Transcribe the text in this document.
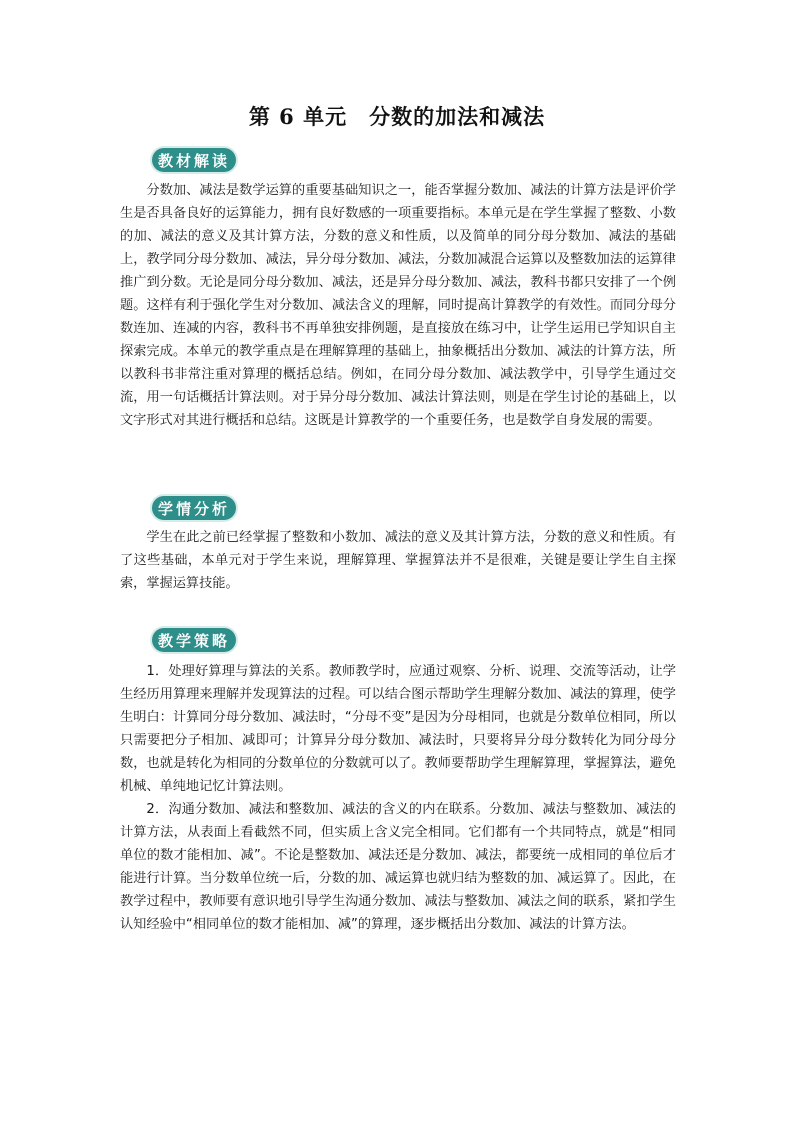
第 6 单元　分数的加法和减法
教材解读

分数加、减法是数学运算的重要基础知识之一，能否掌握分数加、减法的计算方法是评价学生是否具备良好的运算能力，拥有良好数感的一项重要指标。本单元是在学生掌握了整数、小数的加、减法的意义及其计算方法，分数的意义和性质，以及简单的同分母分数加、减法的基础上，教学同分母分数加、减法，异分母分数加、减法，分数加减混合运算以及整数加法的运算律推广到分数。无论是同分母分数加、减法，还是异分母分数加、减法，教科书都只安排了一个例题。这样有利于强化学生对分数加、减法含义的理解，同时提高计算教学的有效性。而同分母分数连加、连减的内容，教科书不再单独安排例题，是直接放在练习中，让学生运用已学知识自主探索完成。本单元的教学重点是在理解算理的基础上，抽象概括出分数加、减法的计算方法，所以教科书非常注重对算理的概括总结。例如，在同分母分数加、减法教学中，引导学生通过交流，用一句话概括计算法则。对于异分母分数加、减法计算法则，则是在学生讨论的基础上，以文字形式对其进行概括和总结。这既是计算教学的一个重要任务，也是数学自身发展的需要。

学情分析

学生在此之前已经掌握了整数和小数加、减法的意义及其计算方法，分数的意义和性质。有了这些基础，本单元对于学生来说，理解算理、掌握算法并不是很难，关键是要让学生自主探索，掌握运算技能。

教学策略

1．处理好算理与算法的关系。教师教学时，应通过观察、分析、说理、交流等活动，让学生经历用算理来理解并发现算法的过程。可以结合图示帮助学生理解分数加、减法的算理，使学生明白：计算同分母分数加、减法时，“分母不变”是因为分母相同，也就是分数单位相同，所以只需要把分子相加、减即可；计算异分母分数加、减法时，只要将异分母分数转化为同分母分数，也就是转化为相同的分数单位的分数就可以了。教师要帮助学生理解算理，掌握算法，避免机械、单纯地记忆计算法则。

2．沟通分数加、减法和整数加、减法的含义的内在联系。分数加、减法与整数加、减法的计算方法，从表面上看截然不同，但实质上含义完全相同。它们都有一个共同特点，就是“相同单位的数才能相加、减”。不论是整数加、减法还是分数加、减法，都要统一成相同的单位后才能进行计算。当分数单位统一后，分数的加、减运算也就归结为整数的加、减运算了。因此，在教学过程中，教师要有意识地引导学生沟通分数加、减法与整数加、减法之间的联系，紧扣学生认知经验中“相同单位的数才能相加、减”的算理，逐步概括出分数加、减法的计算方法。
